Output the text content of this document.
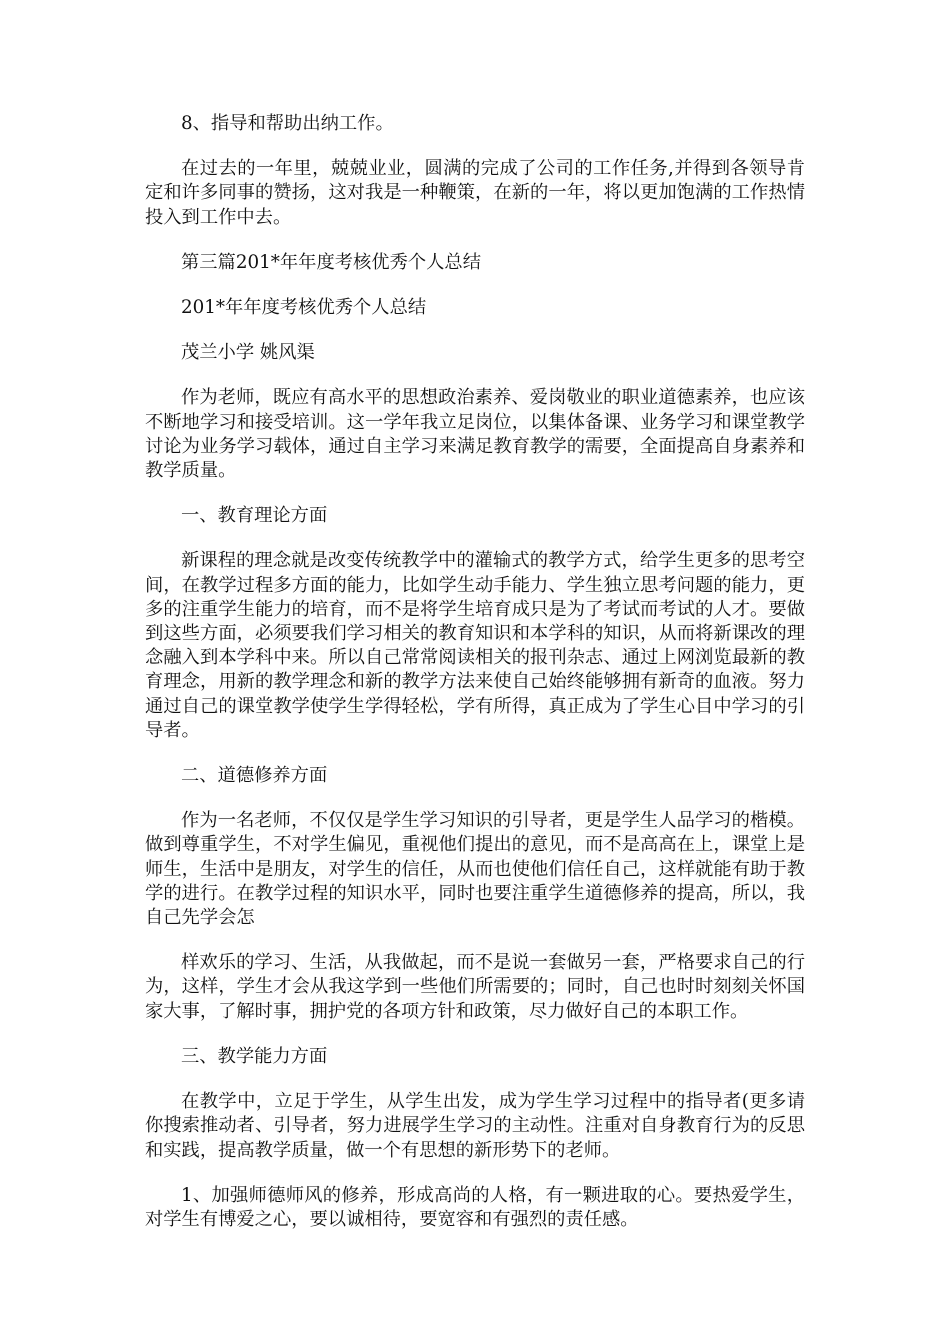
8、指导和帮助出纳工作。

在过去的一年里，兢兢业业，圆满的完成了公司的工作任务,并得到各领导肯定和许多同事的赞扬，这对我是一种鞭策，在新的一年，将以更加饱满的工作热情投入到工作中去。

第三篇201*年年度考核优秀个人总结

201*年年度考核优秀个人总结

茂兰小学 姚风渠

作为老师，既应有高水平的思想政治素养、爱岗敬业的职业道德素养，也应该不断地学习和接受培训。这一学年我立足岗位，以集体备课、业务学习和课堂教学讨论为业务学习载体，通过自主学习来满足教育教学的需要，全面提高自身素养和教学质量。

一、教育理论方面

新课程的理念就是改变传统教学中的灌输式的教学方式，给学生更多的思考空间，在教学过程多方面的能力，比如学生动手能力、学生独立思考问题的能力，更多的注重学生能力的培育，而不是将学生培育成只是为了考试而考试的人才。要做到这些方面，必须要我们学习相关的教育知识和本学科的知识，从而将新课改的理念融入到本学科中来。所以自己常常阅读相关的报刊杂志、通过上网浏览最新的教育理念，用新的教学理念和新的教学方法来使自己始终能够拥有新奇的血液。努力通过自己的课堂教学使学生学得轻松，学有所得，真正成为了学生心目中学习的引导者。

二、道德修养方面

作为一名老师，不仅仅是学生学习知识的引导者，更是学生人品学习的楷模。做到尊重学生，不对学生偏见，重视他们提出的意见，而不是高高在上，课堂上是师生，生活中是朋友，对学生的信任，从而也使他们信任自己，这样就能有助于教学的进行。在教学过程的知识水平，同时也要注重学生道德修养的提高，所以，我自己先学会怎

样欢乐的学习、生活，从我做起，而不是说一套做另一套，严格要求自己的行为，这样，学生才会从我这学到一些他们所需要的；同时，自己也时时刻刻关怀国家大事，了解时事，拥护党的各项方针和政策，尽力做好自己的本职工作。

三、教学能力方面

在教学中，立足于学生，从学生出发，成为学生学习过程中的指导者(更多请你搜索推动者、引导者，努力进展学生学习的主动性。注重对自身教育行为的反思和实践，提高教学质量，做一个有思想的新形势下的老师。

1、加强师德师风的修养，形成高尚的人格，有一颗进取的心。要热爱学生，对学生有博爱之心，要以诚相待，要宽容和有强烈的责任感。
